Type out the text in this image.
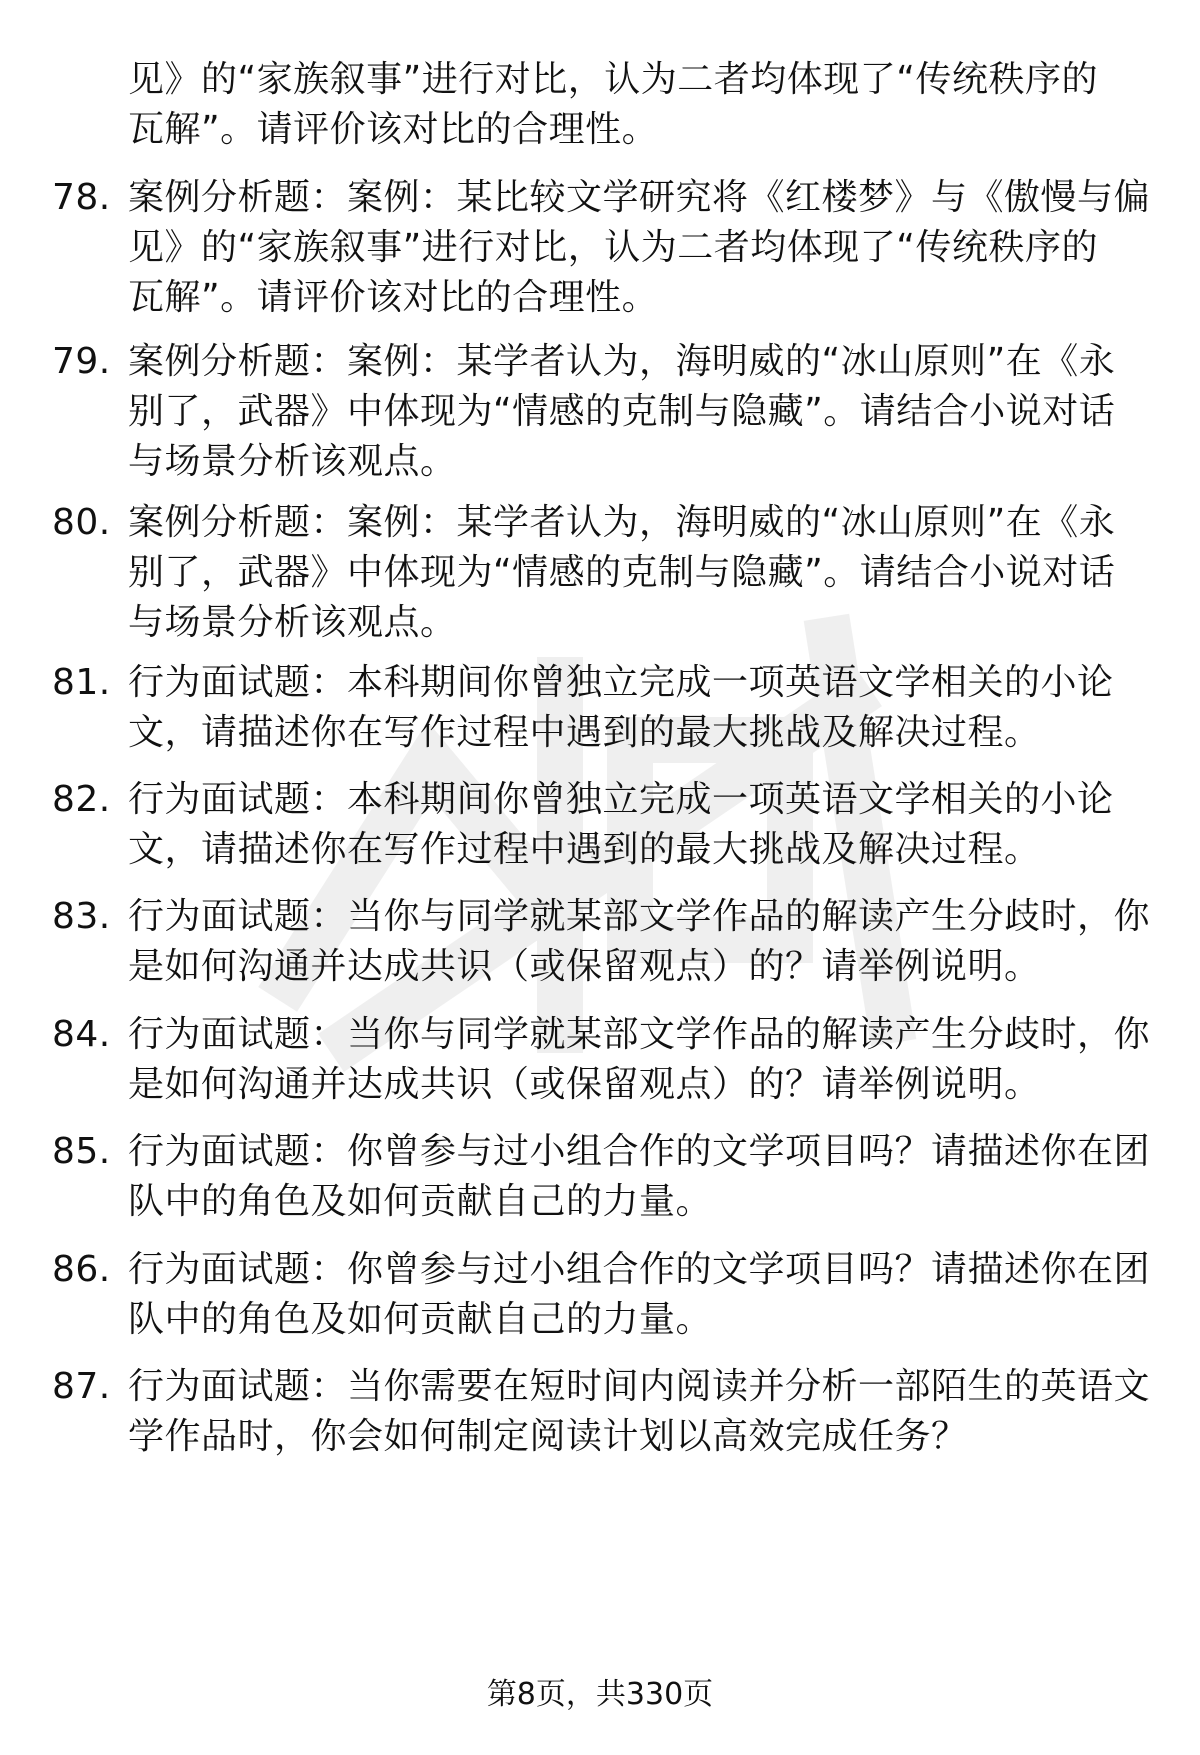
见》的“家族叙事”进行对比，认为二者均体现了“传统秩序的
瓦解”。请评价该对比的合理性。
78. 案例分析题：案例：某比较文学研究将《红楼梦》与《傲慢与偏
见》的“家族叙事”进行对比，认为二者均体现了“传统秩序的
瓦解”。请评价该对比的合理性。
79. 案例分析题：案例：某学者认为，海明威的“冰山原则”在《永
别了，武器》中体现为“情感的克制与隐藏”。请结合小说对话
与场景分析该观点。
80. 案例分析题：案例：某学者认为，海明威的“冰山原则”在《永
别了，武器》中体现为“情感的克制与隐藏”。请结合小说对话
与场景分析该观点。
81. 行为面试题：本科期间你曾独立完成一项英语文学相关的小论
文，请描述你在写作过程中遇到的最大挑战及解决过程。
82. 行为面试题：本科期间你曾独立完成一项英语文学相关的小论
文，请描述你在写作过程中遇到的最大挑战及解决过程。
83. 行为面试题：当你与同学就某部文学作品的解读产生分歧时，你
是如何沟通并达成共识（或保留观点）的？请举例说明。
84. 行为面试题：当你与同学就某部文学作品的解读产生分歧时，你
是如何沟通并达成共识（或保留观点）的？请举例说明。
85. 行为面试题：你曾参与过小组合作的文学项目吗？请描述你在团
队中的角色及如何贡献自己的力量。
86. 行为面试题：你曾参与过小组合作的文学项目吗？请描述你在团
队中的角色及如何贡献自己的力量。
87. 行为面试题：当你需要在短时间内阅读并分析一部陌生的英语文
学作品时，你会如何制定阅读计划以高效完成任务？
第8页，共330页
